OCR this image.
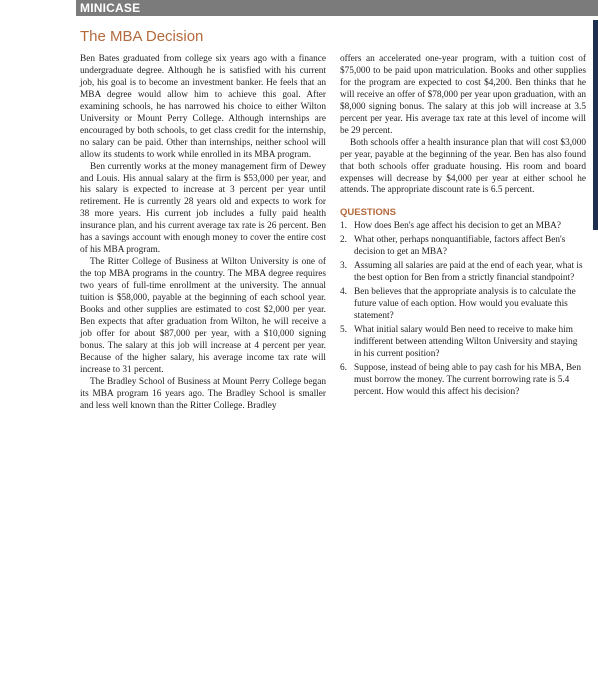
MINICASE
The MBA Decision

Ben Bates graduated from college six years ago with a finance undergraduate degree. Although he is satisfied with his current job, his goal is to become an investment banker. He feels that an MBA degree would allow him to achieve this goal. After examining schools, he has narrowed his choice to either Wilton University or Mount Perry College. Although internships are encouraged by both schools, to get class credit for the internship, no salary can be paid. Other than internships, neither school will allow its students to work while enrolled in its MBA program.

Ben currently works at the money management firm of Dewey and Louis. His annual salary at the firm is $53,000 per year, and his salary is expected to increase at 3 percent per year until retirement. He is currently 28 years old and expects to work for 38 more years. His current job includes a fully paid health insurance plan, and his current average tax rate is 26 percent. Ben has a savings account with enough money to cover the entire cost of his MBA program.

The Ritter College of Business at Wilton University is one of the top MBA programs in the country. The MBA degree requires two years of full-time enrollment at the university. The annual tuition is $58,000, payable at the beginning of each school year. Books and other supplies are estimated to cost $2,000 per year. Ben expects that after graduation from Wilton, he will receive a job offer for about $87,000 per year, with a $10,000 signing bonus. The salary at this job will increase at 4 percent per year. Because of the higher salary, his average income tax rate will increase to 31 percent.

The Bradley School of Business at Mount Perry College began its MBA program 16 years ago. The Bradley School is smaller and less well known than the Ritter College. Bradley

offers an accelerated one-year program, with a tuition cost of $75,000 to be paid upon matriculation. Books and other supplies for the program are expected to cost $4,200. Ben thinks that he will receive an offer of $78,000 per year upon graduation, with an $8,000 signing bonus. The salary at this job will increase at 3.5 percent per year. His average tax rate at this level of income will be 29 percent.

Both schools offer a health insurance plan that will cost $3,000 per year, payable at the beginning of the year. Ben has also found that both schools offer graduate housing. His room and board expenses will decrease by $4,000 per year at either school he attends. The appropriate discount rate is 6.5 percent.

QUESTIONS
1. How does Ben's age affect his decision to get an MBA?
2. What other, perhaps nonquantifiable, factors affect Ben's decision to get an MBA?
3. Assuming all salaries are paid at the end of each year, what is the best option for Ben from a strictly financial standpoint?
4. Ben believes that the appropriate analysis is to calculate the future value of each option. How would you evaluate this statement?
5. What initial salary would Ben need to receive to make him indifferent between attending Wilton University and staying in his current position?
6. Suppose, instead of being able to pay cash for his MBA, Ben must borrow the money. The current borrowing rate is 5.4 percent. How would this affect his decision?
